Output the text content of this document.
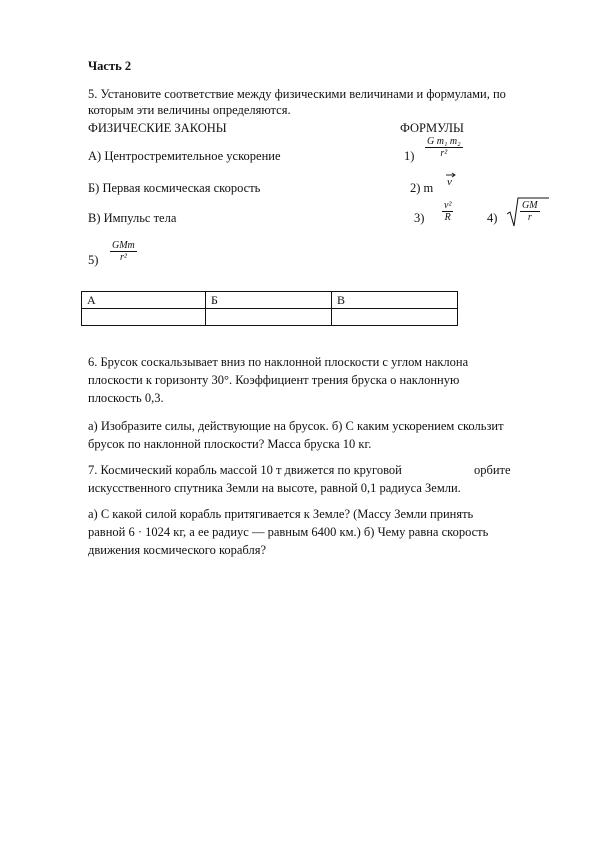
Часть 2
5. Установите соответствие между физическими величинами и формулами, по
которым эти величины определяются.
ФИЗИЧЕСКИЕ ЗАКОНЫ	ФОРМУЛЫ
А) Центростремительное ускорение
Б) Первая космическая скорость
В) Импульс тела
$1) \frac{\text{G m₁ m₂}}{\text{r²}}$
2) m v
$3) \frac{\text{v²}}{R}$	$4) \frac{GM}{r}$
5)
GMm
r²
А	Б	В

6. Брусок соскальзывает вниз по наклонной плоскости с углом наклона
плоскости к горизонту 30°. Коэффициент трения бруска о наклонную
плоскость 0,3.
а) Изобразите силы, действующие на брусок. б) С каким ускорением скользит
брусок по наклонной плоскости? Масса бруска 10 кг.
7. Космический корабль массой 10 т движется по круговой	орбите
искусственного спутника Земли на высоте, равной 0,1 радиуса Земли.
а) С какой силой корабль притягивается к Земле? (Массу Земли принять
равной 6 · 1024 кг, а ее радиус — равным 6400 км.) б) Чему равна скорость
движения космического корабля?
